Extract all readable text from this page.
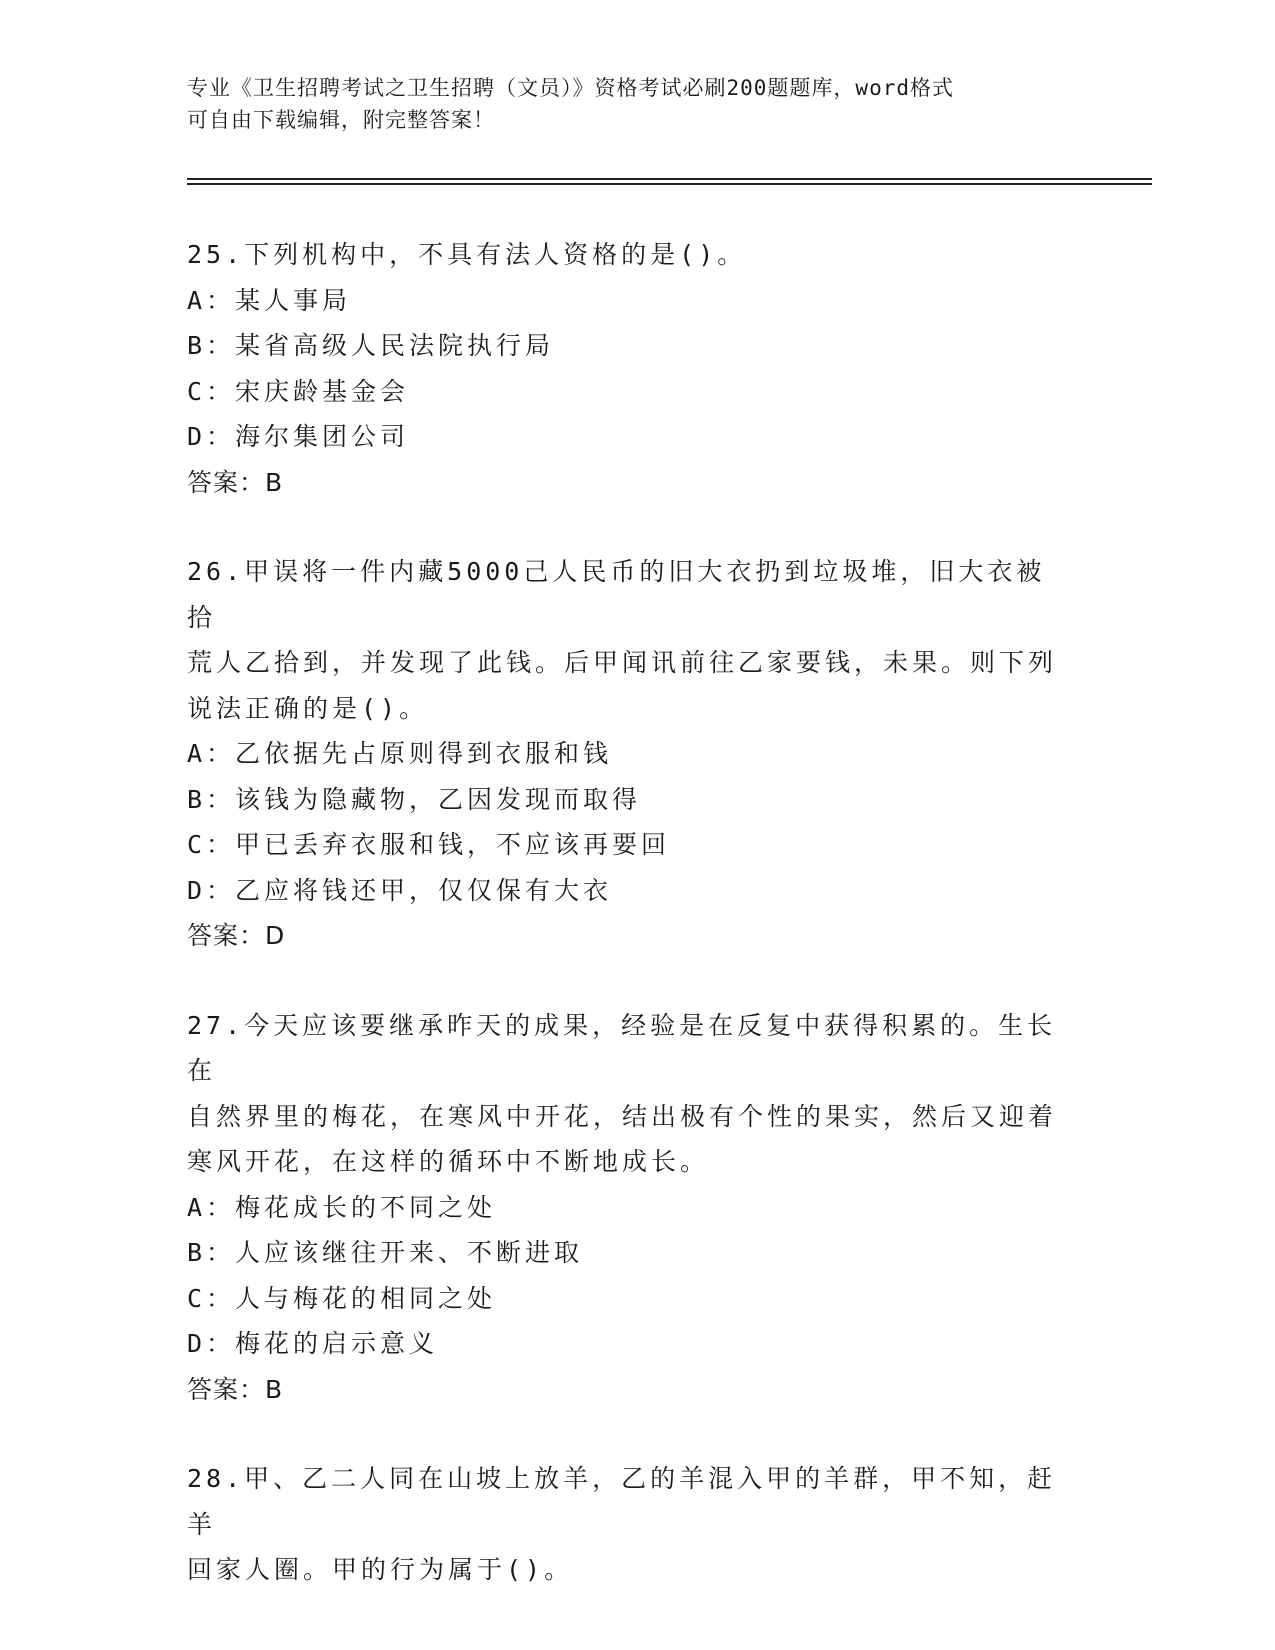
专业《卫生招聘考试之卫生招聘（文员）》资格考试必刷200题题库，word格式
可自由下载编辑，附完整答案！
25.下列机构中，不具有法人资格的是()。
A：某人事局
B：某省高级人民法院执行局
C：宋庆龄基金会
D：海尔集团公司
答案：B
26.甲误将一件内藏5000己人民币的旧大衣扔到垃圾堆，旧大衣被拾
荒人乙拾到，并发现了此钱。后甲闻讯前往乙家要钱，未果。则下列
说法正确的是()。
A：乙依据先占原则得到衣服和钱
B：该钱为隐藏物，乙因发现而取得
C：甲已丢弃衣服和钱，不应该再要回
D：乙应将钱还甲，仅仅保有大衣
答案：D
27.今天应该要继承昨天的成果，经验是在反复中获得积累的。生长在
自然界里的梅花，在寒风中开花，结出极有个性的果实，然后又迎着
寒风开花，在这样的循环中不断地成长。
A：梅花成长的不同之处
B：人应该继往开来、不断进取
C：人与梅花的相同之处
D：梅花的启示意义
答案：B
28.甲、乙二人同在山坡上放羊，乙的羊混入甲的羊群，甲不知，赶羊
回家人圈。甲的行为属于()。
